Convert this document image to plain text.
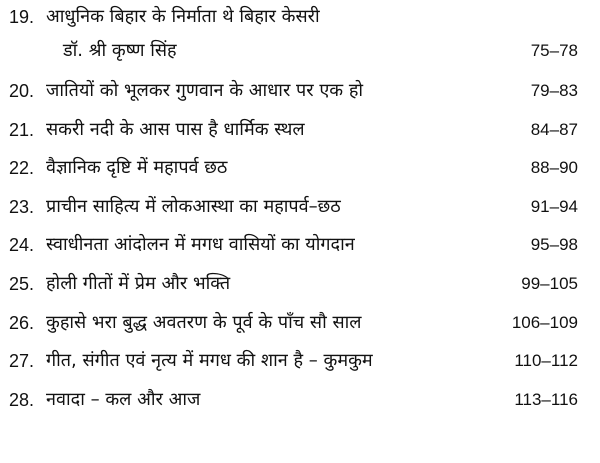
19. आधुनिक बिहार के निर्माता थे बिहार केसरी
डॉ. श्री कृष्ण सिंह	75–78
20. जातियों को भूलकर गुणवान के आधार पर एक हो	79–83
21. सकरी नदी के आस पास है धार्मिक स्थल	84–87
22. वैज्ञानिक दृष्टि में महापर्व छठ	88–90
23. प्राचीन साहित्य में लोकआस्था का महापर्व–छठ	91–94
24. स्वाधीनता आंदोलन में मगध वासियों का योगदान	95–98
25. होली गीतों में प्रेम और भक्ति	99–105
26. कुहासे भरा बुद्ध अवतरण के पूर्व के पाँच सौ साल	106–109
27. गीत, संगीत एवं नृत्य में मगध की शान है – कुमकुम	110–112
28. नवादा – कल और आज	113–116
